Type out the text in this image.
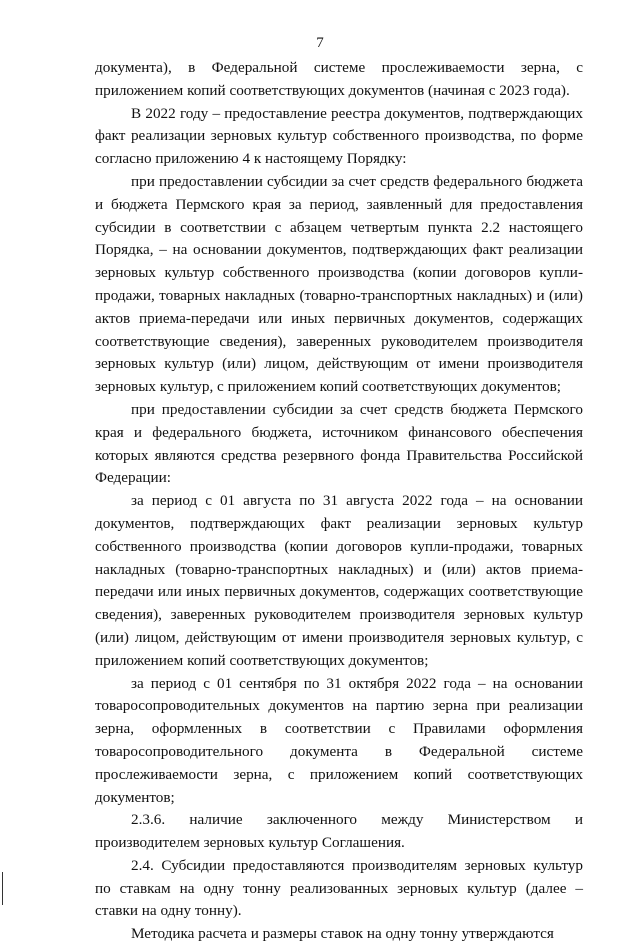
7

документа), в Федеральной системе прослеживаемости зерна, с приложением копий соответствующих документов (начиная с 2023 года).

В 2022 году – предоставление реестра документов, подтверждающих факт реализации зерновых культур собственного производства, по форме согласно приложению 4 к настоящему Порядку:

при предоставлении субсидии за счет средств федерального бюджета и бюджета Пермского края за период, заявленный для предоставления субсидии в соответствии с абзацем четвертым пункта 2.2 настоящего Порядка, – на основании документов, подтверждающих факт реализации зерновых культур собственного производства (копии договоров купли-продажи, товарных накладных (товарно-транспортных накладных) и (или) актов приема-передачи или иных первичных документов, содержащих соответствующие сведения), заверенных руководителем производителя зерновых культур (или) лицом, действующим от имени производителя зерновых культур, с приложением копий соответствующих документов;

при предоставлении субсидии за счет средств бюджета Пермского края и федерального бюджета, источником финансового обеспечения которых являются средства резервного фонда Правительства Российской Федерации:

за период с 01 августа по 31 августа 2022 года – на основании документов, подтверждающих факт реализации зерновых культур собственного производства (копии договоров купли-продажи, товарных накладных (товарно-транспортных накладных) и (или) актов приема-передачи или иных первичных документов, содержащих соответствующие сведения), заверенных руководителем производителя зерновых культур (или) лицом, действующим от имени производителя зерновых культур, с приложением копий соответствующих документов;

за период с 01 сентября по 31 октября 2022 года – на основании товаросопроводительных документов на партию зерна при реализации зерна, оформленных в соответствии с Правилами оформления товаросопроводительного документа в Федеральной системе прослеживаемости зерна, с приложением копий соответствующих документов;

2.3.6. наличие заключенного между Министерством и производителем зерновых культур Соглашения.

2.4. Субсидии предоставляются производителям зерновых культур по ставкам на одну тонну реализованных зерновых культур (далее – ставки на одну тонну).

Методика расчета и размеры ставок на одну тонну утверждаются
